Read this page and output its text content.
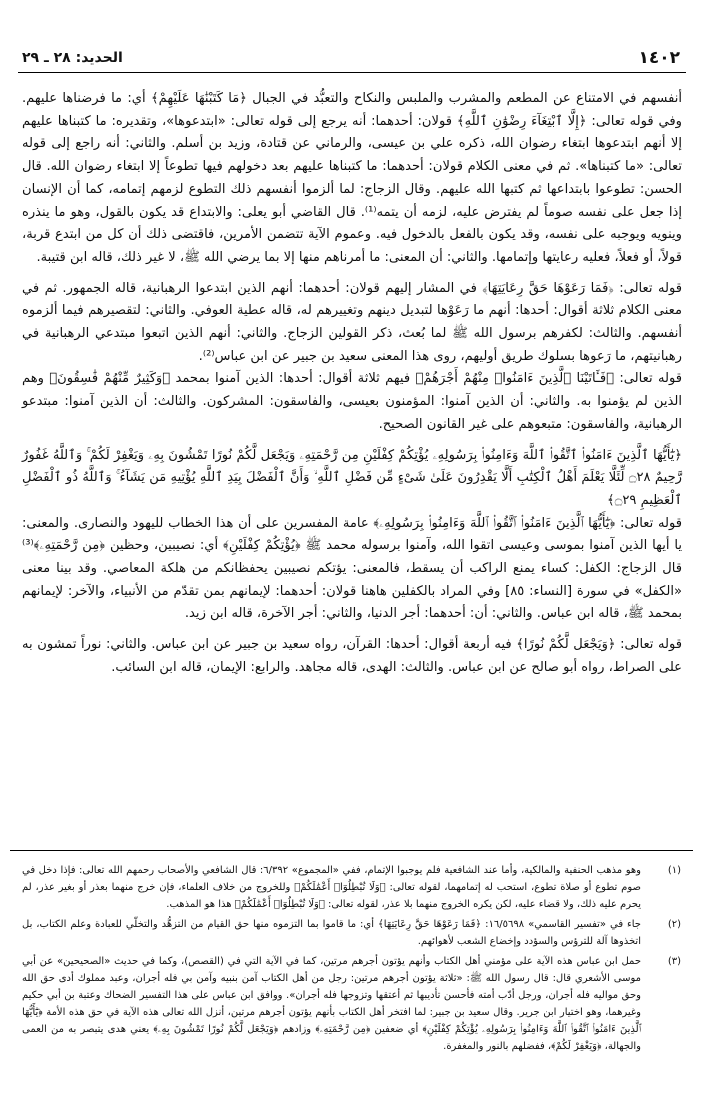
١٤٠٢
الحديد: ٢٨ ـ ٢٩

أنفسهم في الامتناع عن المطعم والمشرب والملبس والنكاح والتعبُّد في الجبال ﴿مَا كَتَبْنَٰهَا عَلَيْهِمْ﴾ أي: ما فرضناها عليهم. وفي قوله تعالى: ﴿إِلَّا ٱبْتِغَآءَ رِضْوَٰنِ ٱللَّهِ﴾ قولان: أحدهما: أنه يرجع إلى قوله تعالى: «ابتدعوها»، وتقديره: ما كتبناها عليهم إلا أنهم ابتدعوها ابتغاء رضوان الله، ذكره علي بن عيسى، والرماني عن قتادة، وزيد بن أسلم. والثاني: أنه راجع إلى قوله تعالى: «ما كتبناها». ثم في معنى الكلام قولان: أحدهما: ما كتبناها عليهم بعد دخولهم فيها تطوعاً إلا ابتغاء رضوان الله. قال الحسن: تطوعوا بابتداعها ثم كتبها الله عليهم. وقال الزجاج: لما ألزموا أنفسهم ذلك التطوع لزمهم إتمامه، كما أن الإنسان إذا جعل على نفسه صوماً لم يفترض عليه، لزمه أن يتمه⁽¹⁾. قال القاضي أبو يعلى: والابتداع قد يكون بالقول، وهو ما ينذره وينويه ويوجبه على نفسه، وقد يكون بالفعل بالدخول فيه. وعموم الآية تتضمن الأمرين، فاقتضى ذلك أن كل من ابتدع قربة، قولاً، أو فعلاً، فعليه رعايتها وإتمامها. والثاني: أن المعنى: ما أمرناهم منها إلا بما يرضي الله ﷺ، لا غير ذلك، قاله ابن قتيبة.

قوله تعالى: ﴿فَمَا رَعَوْهَا حَقَّ رِعَايَتِهَا﴾ في المشار إليهم قولان: أحدهما: أنهم الذين ابتدعوا الرهبانية، قاله الجمهور. ثم في معنى الكلام ثلاثة أقوال: أحدها: أنهم ما رَعَوْها لتبديل دينهم وتغييرهم له، قاله عطية العوفي. والثاني: لتقصيرهم فيما ألزموه أنفسهم. والثالث: لكفرهم برسول الله ﷺ لما بُعث، ذكر القولين الزجاج. والثاني: أنهم الذين اتبعوا مبتدعي الرهبانية في رهبانيتهم، ما رَعوها بسلوك طريق أوليهم، روى هذا المعنى سعيد بن جبير عن ابن عباس⁽²⁾.

قوله تعالى: ﴿فَـَٔاتَيْنَا ٱلَّذِينَ ءَامَنُوا۟ مِنْهُمْ أَجْرَهُمْ﴾ فيهم ثلاثة أقوال: أحدها: الذين آمنوا بمحمد ﴿وَكَثِيرٌ مِّنْهُمْ فَٰسِقُونَ﴾ وهم الذين لم يؤمنوا به. والثاني: أن الذين آمنوا: المؤمنون بعيسى، والفاسقون: المشركون. والثالث: أن الذين آمنوا: مبتدعو الرهبانية، والفاسقون: متبعوهم على غير القانون الصحيح.

﴿يَٰٓأَيُّهَا ٱلَّذِينَ ءَامَنُوا۟ ٱتَّقُوا۟ ٱللَّهَ وَءَامِنُوا۟ بِرَسُولِهِۦ يُؤْتِكُمْ كِفْلَيْنِ مِن رَّحْمَتِهِۦ وَيَجْعَل لَّكُمْ نُورًا تَمْشُونَ بِهِۦ وَيَغْفِرْ لَكُمْ ۚ وَٱللَّهُ غَفُورٌ رَّحِيمٌ ۝٢٨ لِّئَلَّا يَعْلَمَ أَهْلُ ٱلْكِتَٰبِ أَلَّا يَقْدِرُونَ عَلَىٰ شَىْءٍ مِّن فَضْلِ ٱللَّهِ ۙ وَأَنَّ ٱلْفَضْلَ بِيَدِ ٱللَّهِ يُؤْتِيهِ مَن يَشَآءُ ۚ وَٱللَّهُ ذُو ٱلْفَضْلِ ٱلْعَظِيمِ ۝٢٩﴾

قوله تعالى: ﴿يَٰٓأَيُّهَا ٱلَّذِينَ ءَامَنُوا۟ ٱتَّقُوا۟ ٱللَّهَ وَءَامِنُوا۟ بِرَسُولِهِۦ﴾ عامة المفسرين على أن هذا الخطاب لليهود والنصارى. والمعنى: يا أيها الذين آمنوا بموسى وعيسى اتقوا الله، وآمنوا برسوله محمد ﷺ ﴿يُؤْتِكُمْ كِفْلَيْنِ﴾ أي: نصيبين، وحظين ﴿مِن رَّحْمَتِهِۦ﴾⁽³⁾ قال الزجاج: الكفل: كساء يمنع الراكب أن يسقط، فالمعنى: يؤتكم نصيبين يحفظانكم من هلكة المعاصي. وقد بينا معنى «الكفل» في سورة [النساء: ٨٥] وفي المراد بالكفلين هاهنا قولان: أحدهما: لإيمانهم بمن تقدّم من الأنبياء، والآخر: لإيمانهم بمحمد ﷺ، قاله ابن عباس. والثاني: أن: أحدهما: أجر الدنيا، والثاني: أجر الآخرة، قاله ابن زيد.

قوله تعالى: ﴿وَيَجْعَل لَّكُمْ نُورًا﴾ فيه أربعة أقوال: أحدها: القرآن، رواه سعيد بن جبير عن ابن عباس. والثاني: نوراً تمشون به على الصراط، رواه أبو صالح عن ابن عباس. والثالث: الهدى، قاله مجاهد. والرابع: الإيمان، قاله ابن السائب.

(١)
وهو مذهب الحنفية والمالكية، وأما عند الشافعية فلم يوجبوا الإتمام، ففي «المجموع» ٦/٣٩٢: قال الشافعي والأصحاب رحمهم الله تعالى: فإذا دخل في صوم تطوع أو صلاة تطوع، استحب له إتمامهما، لقوله تعالى: ﴿وَلَا تُبْطِلُوٓا۟ أَعْمَٰلَكُمْ﴾ وللخروج من خلاف العلماء، فإن خرج منهما بعذر أو بغير عذر، لم يحرم عليه ذلك، ولا قضاء عليه، لكن يكره الخروج منهما بلا عذر، لقوله تعالى: ﴿وَلَا تُبْطِلُوٓا۟ أَعْمَٰلَكُمْ﴾ هذا هو المذهب.
(٢)
جاء في «تفسير القاسمي» ١٦/٥٦٩٨: ﴿فَمَا رَعَوْهَا حَقَّ رِعَايَتِهَا﴾ أي: ما قاموا بما التزموه منها حق القيام من التزهُّد والتخلّي للعبادة وعلم الكتاب، بل اتخذوها آلة للترؤس والسؤدد وإخضاع الشعب لأهوائهم.
(٣)
حمل ابن عباس هذه الآية على مؤمني أهل الكتاب وأنهم يؤتون أجرهم مرتين، كما في الآية التي في (القصص)، وكما في حديث «الصحيحين» عن أبي موسى الأشعري قال: قال رسول الله ﷺ: «ثلاثة يؤتون أجرهم مرتين: رجل من أهل الكتاب آمن بنبيه وآمن بي فله أجران، وعبد مملوك أدى حق الله وحق مواليه فله أجران، ورجل أدّب أمته فأحسن تأديبها ثم أعتقها وتزوجها فله أجران». ووافق ابن عباس على هذا التفسير الضحاك وعتبة بن أبي حكيم وغيرهما، وهو اختيار ابن جرير. وقال سعيد بن جبير: لما افتخر أهل الكتاب بأنهم يؤتون أجرهم مرتين، أنزل الله تعالى هذه الآية في حق هذه الأمة ﴿يَٰٓأَيُّهَا ٱلَّذِينَ ءَامَنُوا۟ ٱتَّقُوا۟ ٱللَّهَ وَءَامِنُوا۟ بِرَسُولِهِۦ يُؤْتِكُمْ كِفْلَيْنِ﴾ أي ضعفين ﴿مِن رَّحْمَتِهِۦ﴾ وزادهم ﴿وَيَجْعَل لَّكُمْ نُورًا تَمْشُونَ بِهِۦ﴾ يعني هدى يتبصر به من العمى والجهالة، ﴿وَيَغْفِرْ لَكُمْ﴾، ففضلهم بالنور والمغفرة.
